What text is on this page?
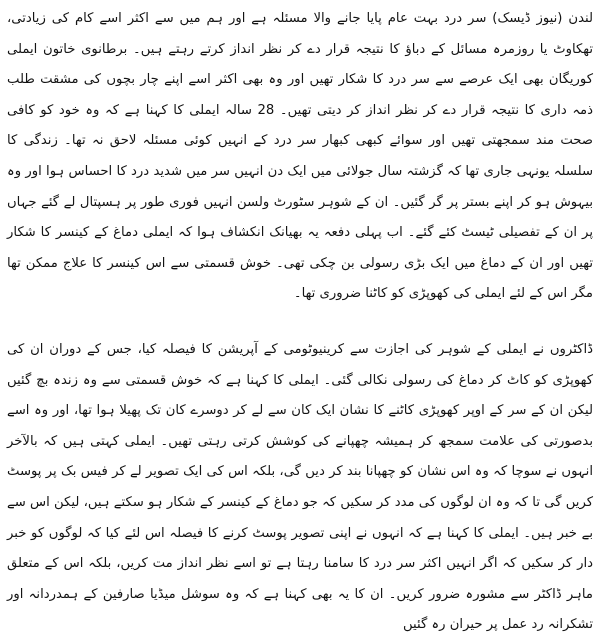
لندن (نیوز ڈیسک) سر درد بہت عام پایا جانے والا مسئلہ ہے اور ہم میں سے اکثر اسے کام کی زیادتی، تھکاوٹ یا روزمرہ مسائل کے دباؤ کا نتیجہ قرار دے کر نظر انداز کرتے رہتے ہیں۔ برطانوی خاتون ایملی کوریگان بھی ایک عرصے سے سر درد کا شکار تھیں اور وہ بھی اکثر اسے اپنے چار بچوں کی مشقت طلب ذمہ داری کا نتیجہ قرار دے کر نظر انداز کر دیتی تھیں۔ 28 سالہ ایملی کا کہنا ہے کہ وہ خود کو کافی صحت مند سمجھتی تھیں اور سوائے کبھی کبھار سر درد کے انہیں کوئی مسئلہ لاحق نہ تھا۔ زندگی کا سلسلہ یونہی جاری تھا کہ گزشتہ سال جولائی میں ایک دن انہیں سر میں شدید درد کا احساس ہوا اور وہ بیہوش ہو کر اپنے بستر پر گر گئیں۔ ان کے شوہر سٹورٹ ولسن انہیں فوری طور پر ہسپتال لے گئے جہاں پر ان کے تفصیلی ٹیسٹ کئے گئے۔ اب پہلی دفعہ یہ بھیانک انکشاف ہوا کہ ایملی دماغ کے کینسر کا شکار تھیں اور ان کے دماغ میں ایک بڑی رسولی بن چکی تھی۔ خوش قسمتی سے اس کینسر کا علاج ممکن تھا مگر اس کے لئے ایملی کی کھوپڑی کو کاٹنا ضروری تھا۔

ڈاکٹروں نے ایملی کے شوہر کی اجازت سے کرینیوٹومی کے آپریشن کا فیصلہ کیا، جس کے دوران ان کی کھوپڑی کو کاٹ کر دماغ کی رسولی نکالی گئی۔ ایملی کا کہنا ہے کہ خوش قسمتی سے وہ زندہ بچ گئیں لیکن ان کے سر کے اوپر کھوپڑی کاٹنے کا نشان ایک کان سے لے کر دوسرے کان تک پھیلا ہوا تھا، اور وہ اسے بدصورتی کی علامت سمجھ کر ہمیشہ چھپانے کی کوشش کرتی رہتی تھیں۔ ایملی کہتی ہیں کہ بالآخر انہوں نے سوچا کہ وہ اس نشان کو چھپانا بند کر دیں گی، بلکہ اس کی ایک تصویر لے کر فیس بک پر پوسٹ کریں گی تا کہ وہ ان لوگوں کی مدد کر سکیں کہ جو دماغ کے کینسر کے شکار ہو سکتے ہیں، لیکن اس سے بے خبر ہیں۔ ایملی کا کہنا ہے کہ انہوں نے اپنی تصویر پوسٹ کرنے کا فیصلہ اس لئے کیا کہ لوگوں کو خبر دار کر سکیں کہ اگر انہیں اکثر سر درد کا سامنا رہتا ہے تو اسے نظر انداز مت کریں، بلکہ اس کے متعلق ماہر ڈاکٹر سے مشورہ ضرور کریں۔ ان کا یہ بھی کہنا ہے کہ وہ سوشل میڈیا صارفین کے ہمدردانہ اور تشکرانہ رد عمل پر حیران رہ گئیں
